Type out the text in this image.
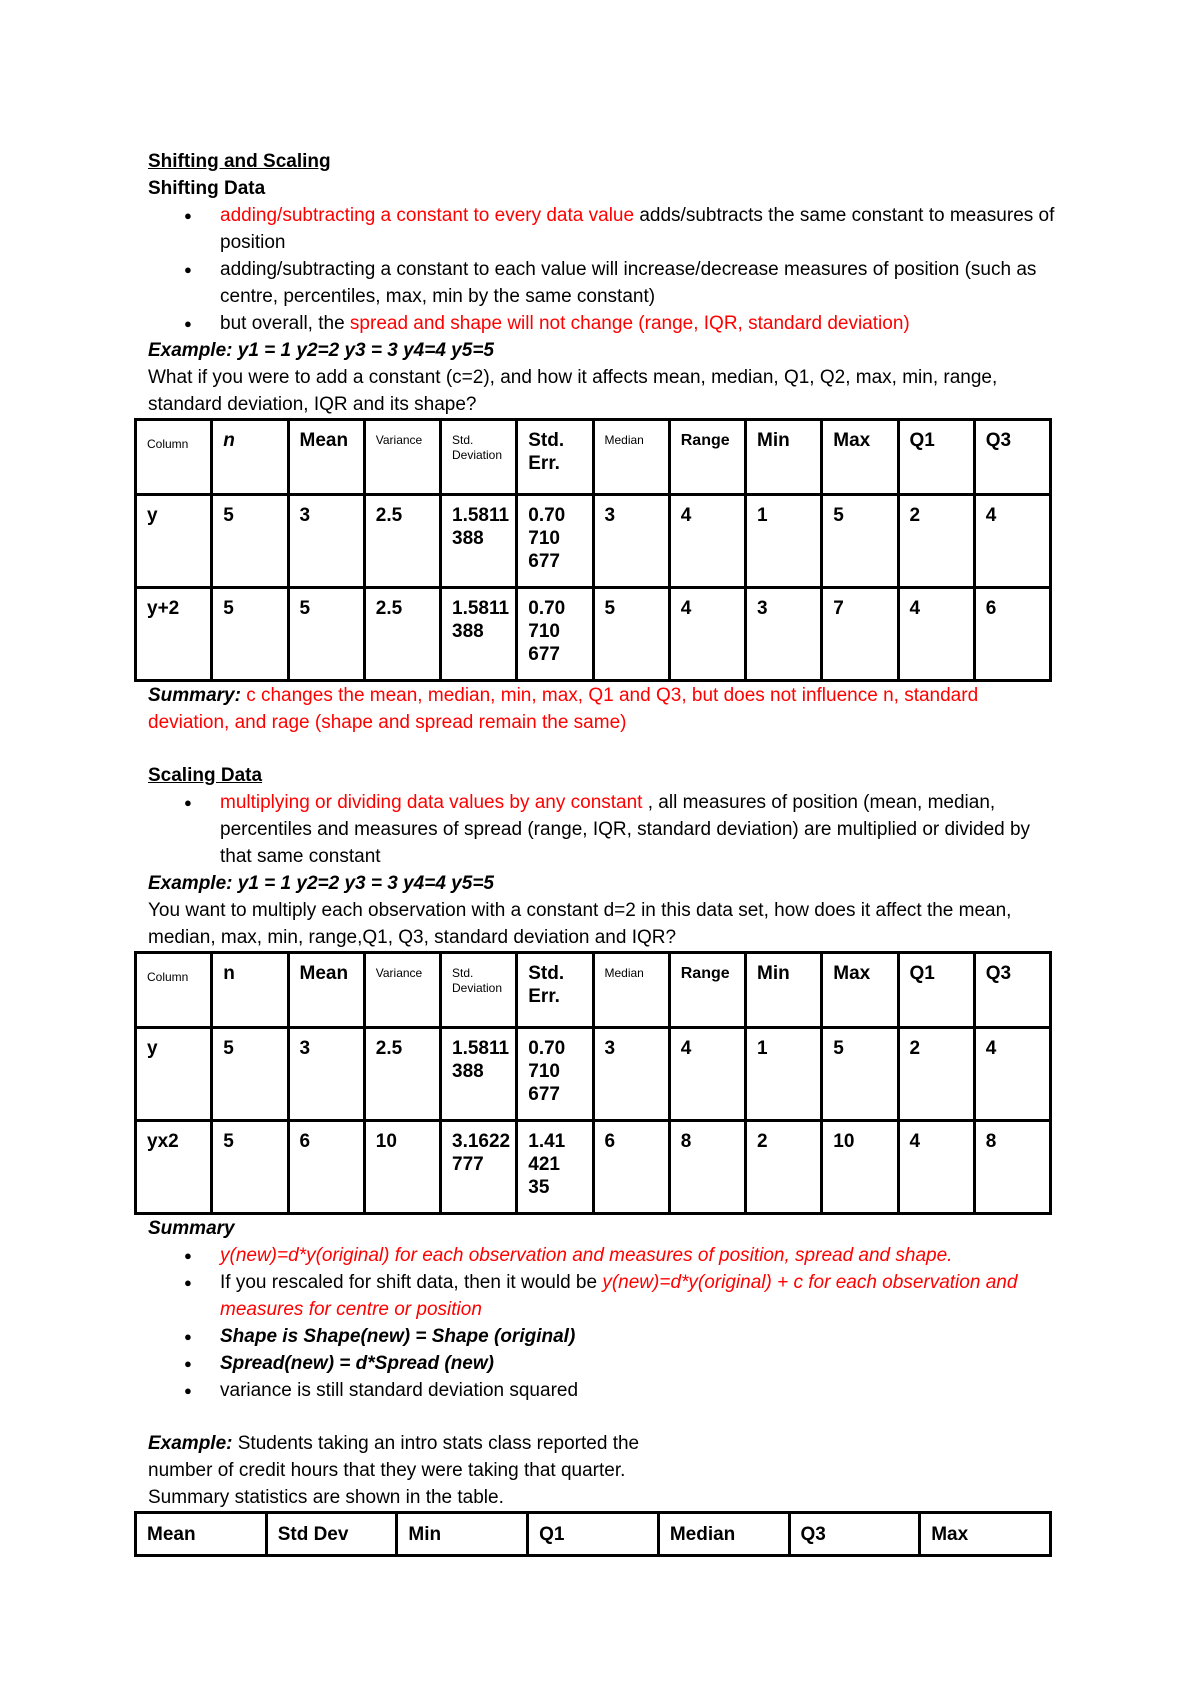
Shifting and Scaling

Shifting Data

● adding/subtracting a constant to every data value adds/subtracts the same constant to measures of position
● adding/subtracting a constant to each value will increase/decrease measures of position (such as centre, percentiles, max, min by the same constant)
● but overall, the spread and shape will not change (range, IQR, standard deviation)

Example: y1 = 1 y2=2 y3 = 3 y4=4 y5=5

What if you were to add a constant (c=2), and how it affects mean, median, Q1, Q2, max, min, range, standard deviation, IQR and its shape?

Column	n	Mean	Variance	Std. Deviation	Std. Err.	Median	Range	Min	Max	Q1	Q3
y	5	3	2.5	1.5811 388	0.70 710 677	3	4	1	5	2	4
y+2	5	5	2.5	1.5811 388	0.70 710 677	5	4	3	7	4	6

Summary: c changes the mean, median, min, max, Q1 and Q3, but does not influence n, standard deviation, and rage (shape and spread remain the same)

Scaling Data

● multiplying or dividing data values by any constant , all measures of position (mean, median, percentiles and measures of spread (range, IQR, standard deviation) are multiplied or divided by that same constant

Example: y1 = 1 y2=2 y3 = 3 y4=4 y5=5

You want to multiply each observation with a constant d=2 in this data set, how does it affect the mean, median, max, min, range,Q1, Q3, standard deviation and IQR?

Column	n	Mean	Variance	Std. Deviation	Std. Err.	Median	Range	Min	Max	Q1	Q3
y	5	3	2.5	1.5811 388	0.70 710 677	3	4	1	5	2	4
yx2	5	6	10	3.1622 777	1.41 421 35	6	8	2	10	4	8

Summary

● y(new)=d*y(original) for each observation and measures of position, spread and shape.
● If you rescaled for shift data, then it would be y(new)=d*y(original) + c for each observation and measures for centre or position
● Shape is Shape(new) = Shape (original)
● Spread(new) = d*Spread (new)
● variance is still standard deviation squared

Example: Students taking an intro stats class reported the

number of credit hours that they were taking that quarter.

Summary statistics are shown in the table.

Mean	Std Dev	Min	Q1	Median	Q3	Max
